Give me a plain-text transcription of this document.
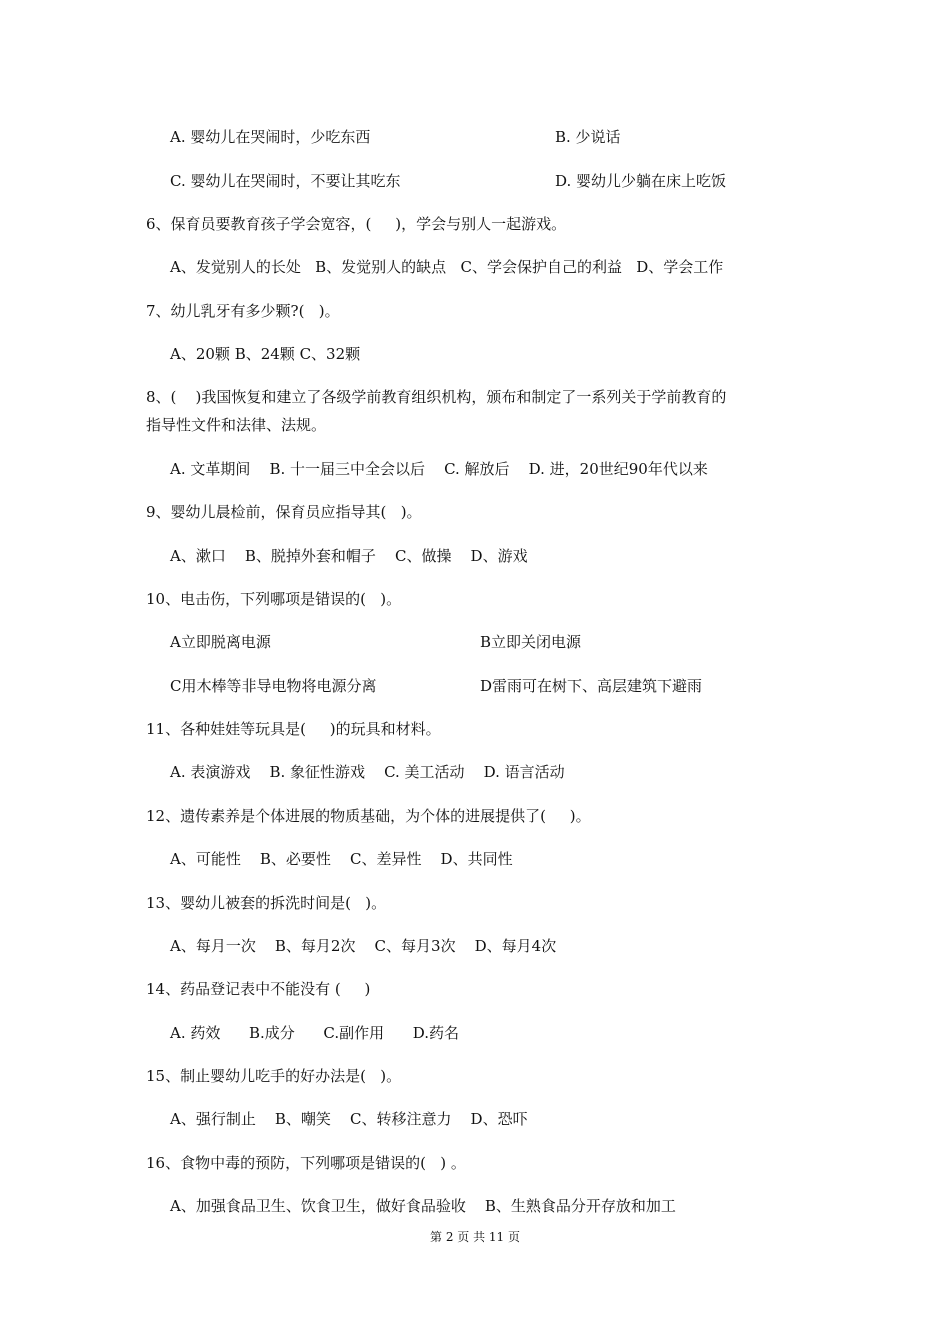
A. 婴幼儿在哭闹时，少吃东西	B. 少说话
C. 婴幼儿在哭闹时，不要让其吃东	D. 婴幼儿少躺在床上吃饭
6、保育员要教育孩子学会宽容，(     )，学会与别人一起游戏。
A、发觉别人的长处   B、发觉别人的缺点   C、学会保护自己的利益   D、学会工作
7、幼儿乳牙有多少颗?(   )。
A、20颗 B、24颗 C、32颗
8、(    )我国恢复和建立了各级学前教育组织机构，颁布和制定了一系列关于学前教育的
指导性文件和法律、法规。
A. 文革期间    B. 十一届三中全会以后    C. 解放后    D. 进，20世纪90年代以来
9、婴幼儿晨检前，保育员应指导其(   )。
A、漱口    B、脱掉外套和帽子    C、做操    D、游戏
10、电击伤，下列哪项是错误的(   )。
A立即脱离电源	B立即关闭电源
C用木棒等非导电物将电源分离	D雷雨可在树下、高层建筑下避雨
11、各种娃娃等玩具是(     )的玩具和材料。
A. 表演游戏    B. 象征性游戏    C. 美工活动    D. 语言活动
12、遗传素养是个体进展的物质基础，为个体的进展提供了(     )。
A、可能性    B、必要性    C、差异性    D、共同性
13、婴幼儿被套的拆洗时间是(   )。
A、每月一次    B、每月2次    C、每月3次    D、每月4次
14、药品登记表中不能没有 (     )
A. 药效      B.成分      C.副作用      D.药名
15、制止婴幼儿吃手的好办法是(   )。
A、强行制止    B、嘲笑    C、转移注意力    D、恐吓
16、食物中毒的预防，下列哪项是错误的(   ) 。
A、加强食品卫生、饮食卫生，做好食品验收    B、生熟食品分开存放和加工
第 2 页 共 11 页
